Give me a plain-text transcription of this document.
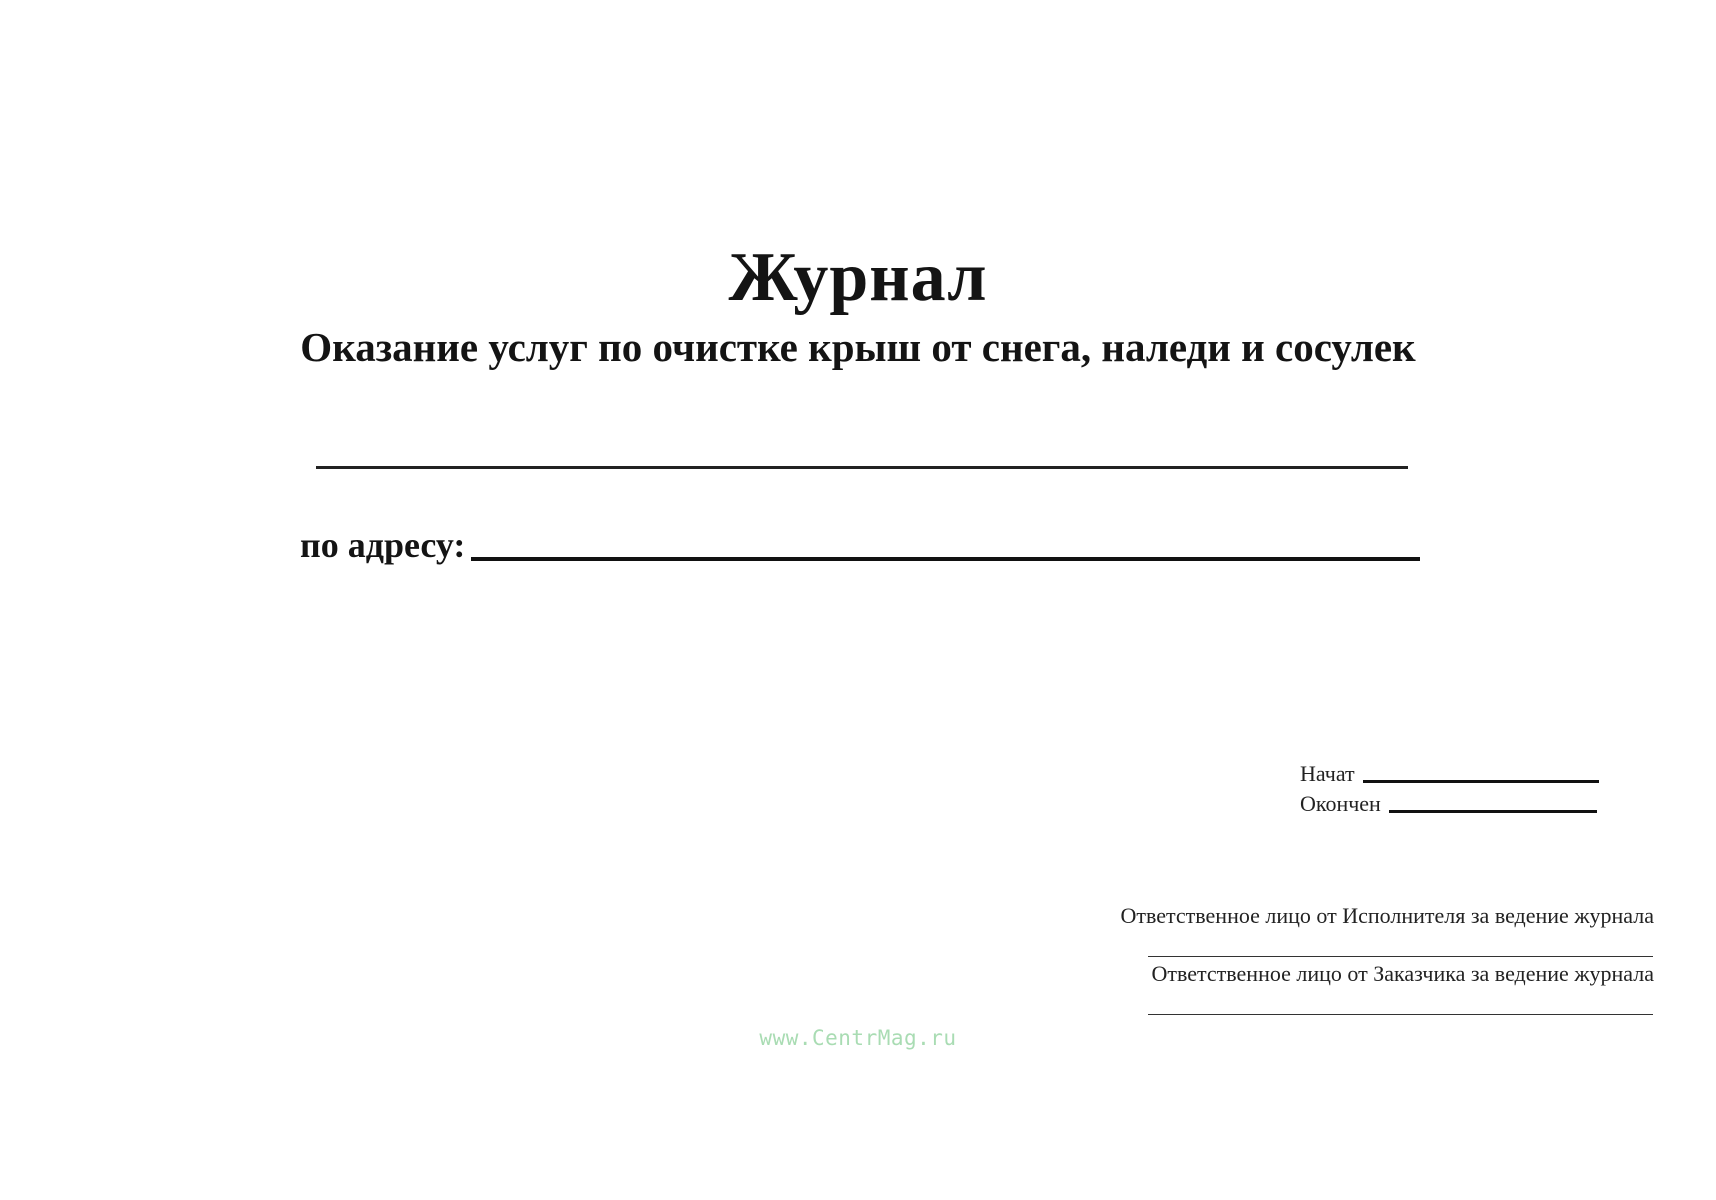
Журнал
Оказание услуг по очистке крыш от снега, наледи и сосулек
по адресу:
Начат
Окончен
Ответственное лицо от Исполнителя за ведение журнала
Ответственное лицо от Заказчика за ведение журнала
www.CentrMag.ru
